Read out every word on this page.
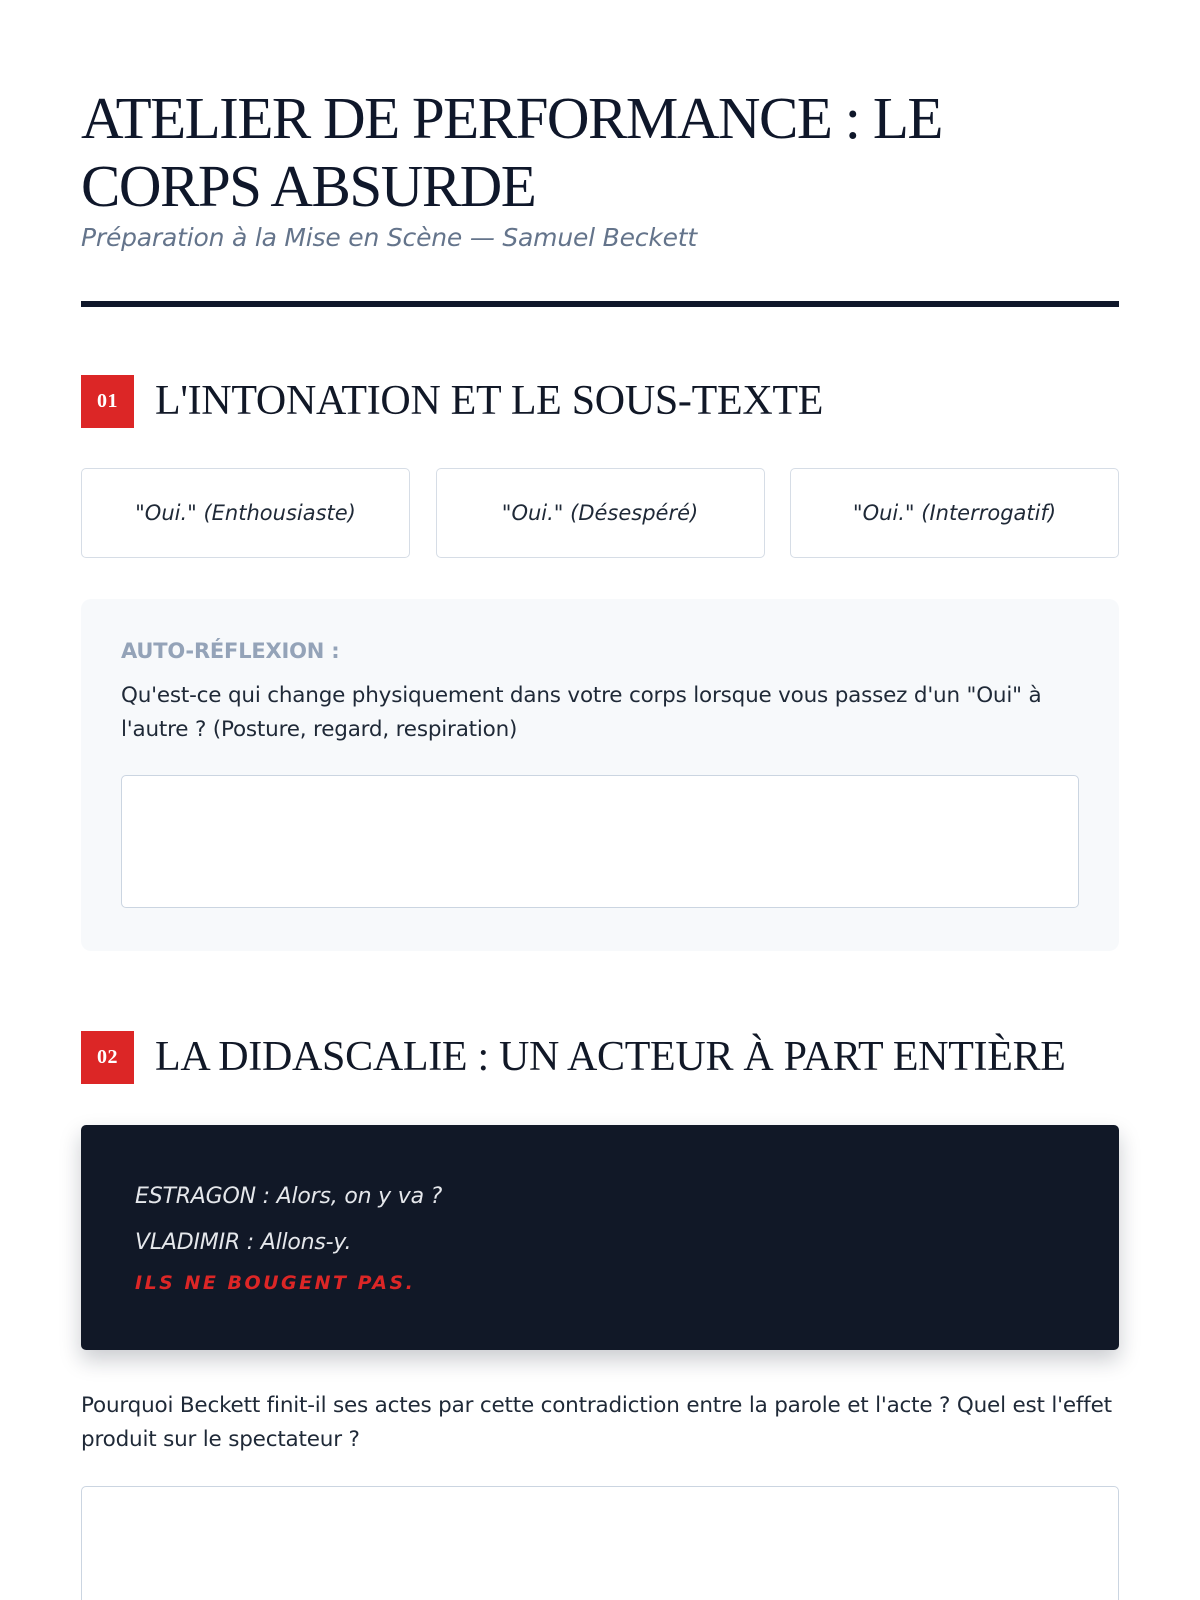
ATELIER DE PERFORMANCE : LE CORPS ABSURDE

Préparation à la Mise en Scène — Samuel Beckett

01 L'INTONATION ET LE SOUS-TEXTE
"Oui." (Enthousiaste)	"Oui." (Désespéré)	"Oui." (Interrogatif)
AUTO-RÉFLEXION :

Qu'est-ce qui change physiquement dans votre corps lorsque vous passez d'un "Oui" à l'autre ? (Posture, regard, respiration)

02 LA DIDASCALIE : UN ACTEUR À PART ENTIÈRE

ESTRAGON : Alors, on y va ?

VLADIMIR : Allons-y.

ILS NE BOUGENT PAS.

Pourquoi Beckett finit-il ses actes par cette contradiction entre la parole et l'acte ? Quel est l'effet produit sur le spectateur ?
